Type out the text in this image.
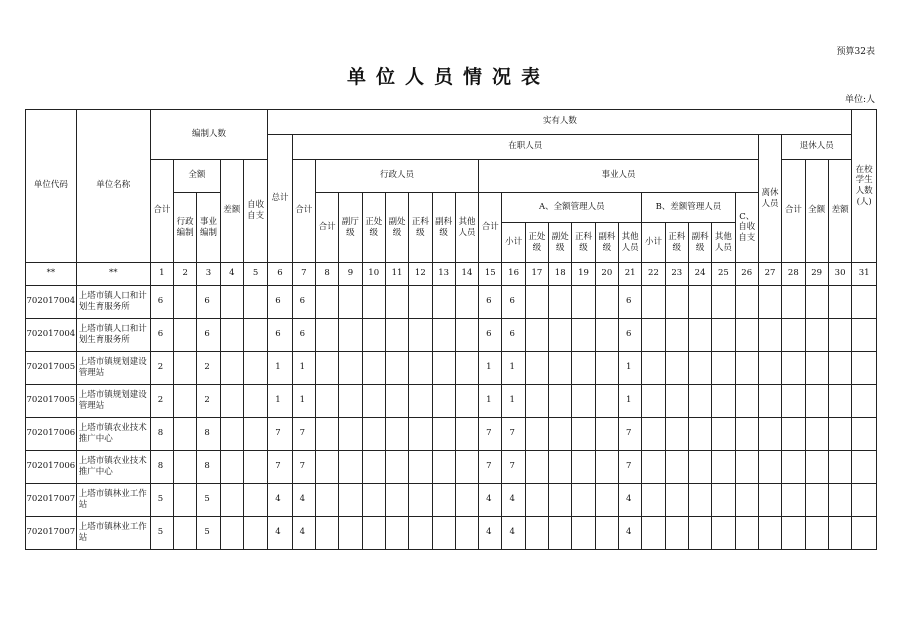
预算32表
单位人员情况表
单位:人
单位代码	单位名称	编制人数					实有人数																									在校学生人数(人)
							总计	在职人员																				离休人员	退休人员			
		合计	全额		差额	自收自支		合计	行政人员							事业人员													合计	全额	差额	
			行政编制	事业编制					合计	副厅级	正处级	副处级	正科级	副科级	其他人员	合计	A、全额管理人员						B、差额管理人员				C、自收自支					
																	小计	正处级	副处级	正科级	副科级	其他人员	小计	正科级	副科级	其他人员						
**	**	1	2	3	4	5	6	7	8	9	10	11	12	13	14	15	16	17	18	19	20	21	22	23	24	25	26	27	28	29	30	31
702017004	上塔市镇人口和计划生育服务所	6		6			6	6								6	6					6										
702017004	上塔市镇人口和计划生育服务所	6		6			6	6								6	6					6										
702017005	上塔市镇规划建设管理站	2		2			1	1								1	1					1										
702017005	上塔市镇规划建设管理站	2		2			1	1								1	1					1										
702017006	上塔市镇农业技术推广中心	8		8			7	7								7	7					7										
702017006	上塔市镇农业技术推广中心	8		8			7	7								7	7					7										
702017007	上塔市镇林业工作站	5		5			4	4								4	4					4										
702017007	上塔市镇林业工作站	5		5			4	4								4	4					4										
